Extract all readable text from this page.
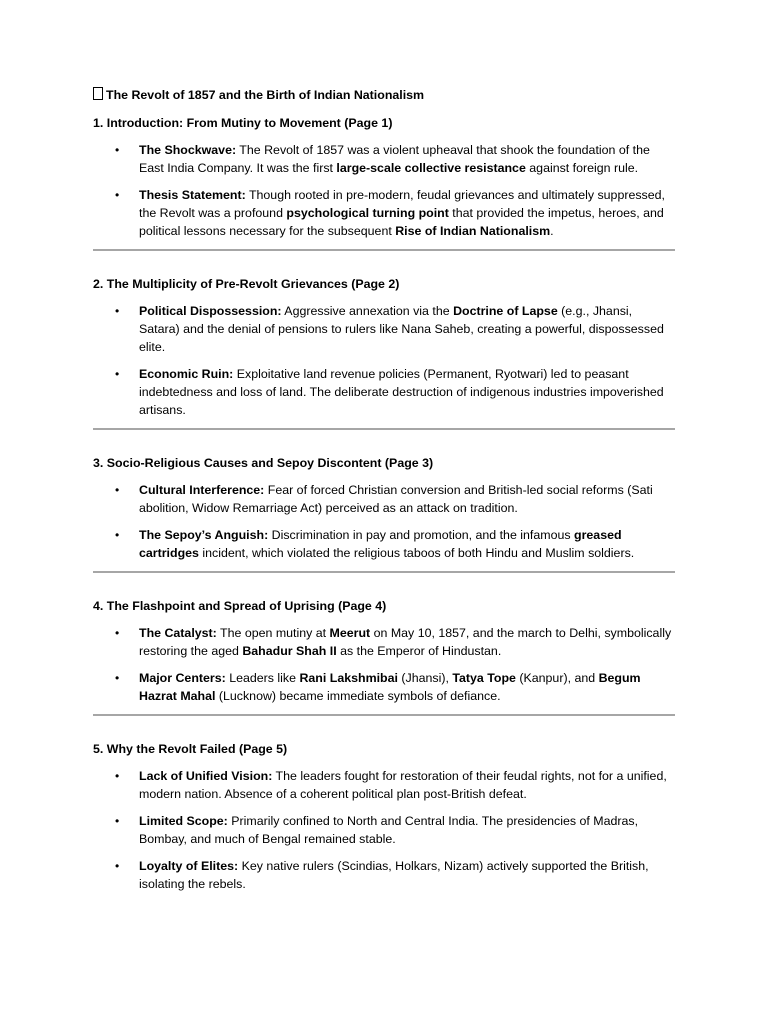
The Revolt of 1857 and the Birth of Indian Nationalism

1. Introduction: From Mutiny to Movement (Page 1)

• The Shockwave: The Revolt of 1857 was a violent upheaval that shook the foundation of the East India Company. It was the first large-scale collective resistance against foreign rule.
• Thesis Statement: Though rooted in pre-modern, feudal grievances and ultimately suppressed, the Revolt was a profound psychological turning point that provided the impetus, heroes, and political lessons necessary for the subsequent Rise of Indian Nationalism.

2. The Multiplicity of Pre-Revolt Grievances (Page 2)

• Political Dispossession: Aggressive annexation via the Doctrine of Lapse (e.g., Jhansi, Satara) and the denial of pensions to rulers like Nana Saheb, creating a powerful, dispossessed elite.
• Economic Ruin: Exploitative land revenue policies (Permanent, Ryotwari) led to peasant indebtedness and loss of land. The deliberate destruction of indigenous industries impoverished artisans.

3. Socio-Religious Causes and Sepoy Discontent (Page 3)

• Cultural Interference: Fear of forced Christian conversion and British-led social reforms (Sati abolition, Widow Remarriage Act) perceived as an attack on tradition.
• The Sepoy’s Anguish: Discrimination in pay and promotion, and the infamous greased cartridges incident, which violated the religious taboos of both Hindu and Muslim soldiers.

4. The Flashpoint and Spread of Uprising (Page 4)

• The Catalyst: The open mutiny at Meerut on May 10, 1857, and the march to Delhi, symbolically restoring the aged Bahadur Shah II as the Emperor of Hindustan.
• Major Centers: Leaders like Rani Lakshmibai (Jhansi), Tatya Tope (Kanpur), and Begum Hazrat Mahal (Lucknow) became immediate symbols of defiance.

5. Why the Revolt Failed (Page 5)

• Lack of Unified Vision: The leaders fought for restoration of their feudal rights, not for a unified, modern nation. Absence of a coherent political plan post-British defeat.
• Limited Scope: Primarily confined to North and Central India. The presidencies of Madras, Bombay, and much of Bengal remained stable.
• Loyalty of Elites: Key native rulers (Scindias, Holkars, Nizam) actively supported the British, isolating the rebels.
